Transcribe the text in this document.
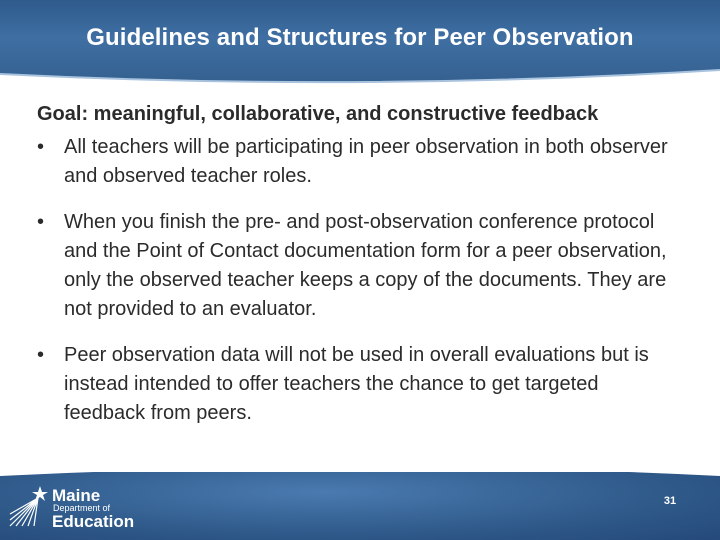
Guidelines and Structures for Peer Observation

Goal: meaningful, collaborative, and constructive feedback

• All teachers will be participating in peer observation in both observer and observed teacher roles.
• When you finish the pre- and post-observation conference protocol and the Point of Contact documentation form for a peer observation, only the observed teacher keeps a copy of the documents. They are not provided to an evaluator.
• Peer observation data will not be used in overall evaluations but is instead intended to offer teachers the chance to get targeted feedback from peers.
Maine
Department of
Education
31
